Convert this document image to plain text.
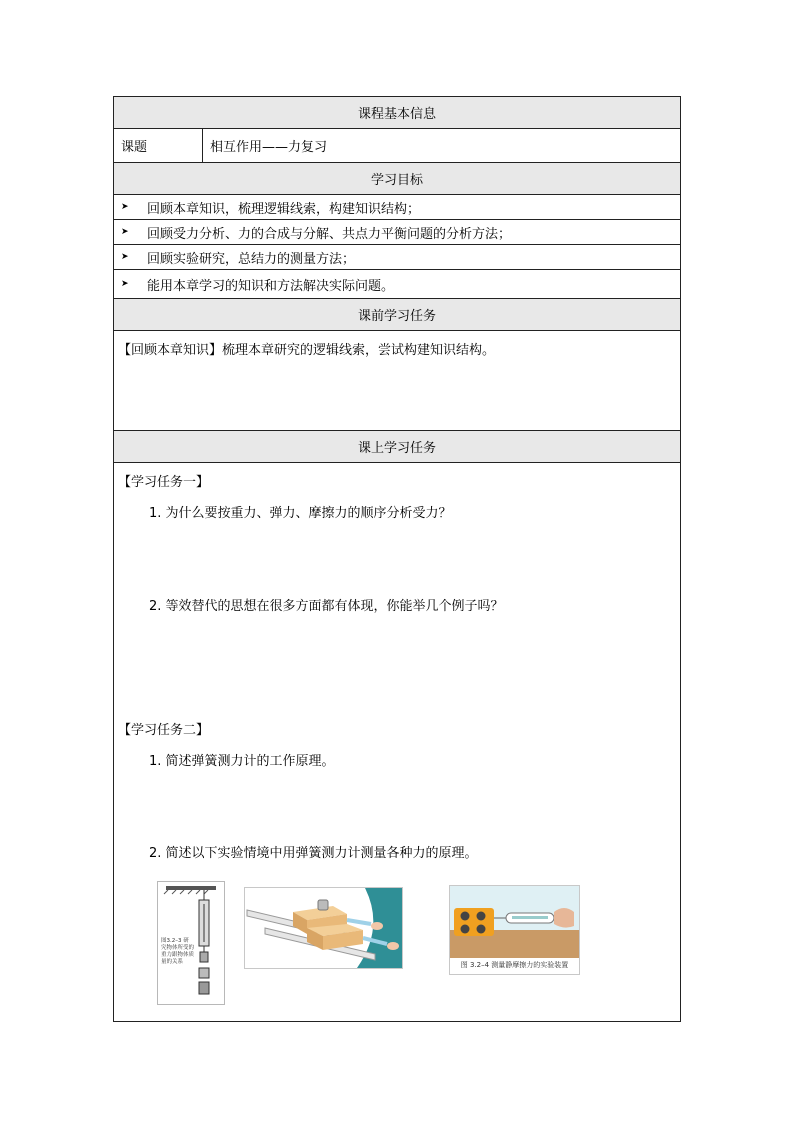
课程基本信息
课题	相互作用——力复习
学习目标
➤ 回顾本章知识，梳理逻辑线索，构建知识结构；
➤ 回顾受力分析、力的合成与分解、共点力平衡问题的分析方法；
➤ 回顾实验研究，总结力的测量方法；
➤ 能用本章学习的知识和方法解决实际问题。
课前学习任务
【回顾本章知识】梳理本章研究的逻辑线索，尝试构建知识结构。
课上学习任务
【学习任务一】
1. 为什么要按重力、弹力、摩擦力的顺序分析受力？
2. 等效替代的思想在很多方面都有体现，你能举几个例子吗？
【学习任务二】
1. 简述弹簧测力计的工作原理。
2. 简述以下实验情境中用弹簧测力计测量各种力的原理。
图3.2–3 研
究物体所受的
重力跟物体质
量的关系	图 3.2–4 测量静摩擦力的实验装置
